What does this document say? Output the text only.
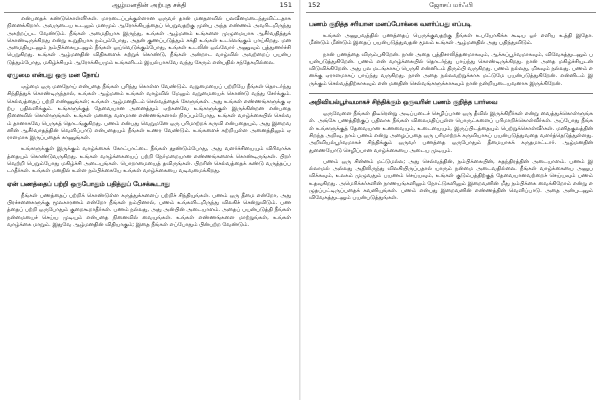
ஆழ்மனதின் அற்புத சக்தி	151

என்பதைக் கண்டுகொள்ளீர்கள். மாரடைப்புக்குள்ளான ஒருவர் தான் மனதளவில் பலவீனமடைந்துவிட்டதாக நினைக்கிறார். அவருடைய உடலும் மனமும் ஆரோக்கியத்தைப் பெறுவதற்கு முன்பு அந்த எண்ணம் அவரிடமிருந்து அகற்றப்பட வேண்டும். நீங்கள் அமைதியாக இருந்து, உங்கள் ஆழ்மனம் உங்களை முழுமையாக ஆசீர்வதித்துக் கொண்டிருக்கிறது என்று உறுதியாக நம்பும்போது, அதன் குணப்படுத்தும் சக்தி உங்கள் உடலெங்கும் பாய்கிறது. மனஅமைதியுடனும் நம்பிக்கையுடனும் நீங்கள் ஓய்வெடுக்கும்போது, உங்கள் உடலின் ஒவ்வோர் அணுவும் புத்துணர்ச்சி பெறுகிறது. உங்கள் ஆழ்மனதின் விதிகளைக் கற்றுக் கொண்டு, நீங்கள் அன்றாட வாழ்வில் அவற்றைப் பயன்படுத்தும்போது, மகிழ்ச்சியும் ஆரோக்கியமும் உங்களிடம் இயல்பாகவே வந்து சேரும் என்பதில் சந்தேகமில்லை.

ஏழுமை என்பது ஒரு மன நோய்

ஏழ்மை ஒரு மனநோய் என்பதை நீங்கள் புரிந்து கொள்ள வேண்டும். வறுமையைப் பற்றியே நீங்கள் தொடர்ந்து சிந்தித்துக் கொண்டிருந்தால், உங்கள் ஆழ்மனம் உங்கள் வாழ்வில் மேலும் வறுமையைக் கொண்டு வந்து சேர்க்கும். செல்வத்தைப் பற்றி எண்ணுங்கள்; உங்கள் ஆழ்மனதிடம் செல்வத்தைக் கேளுங்கள். அது உங்கள் எண்ணங்களுக்கு ஏற்ப பதிலளிக்கும். உங்களுக்குத் தேவையான அனைத்தும் ஏற்கனவே உங்களுக்குள் இருக்கின்றன என்பதை நினைவில் கொள்ளுங்கள். உங்கள் மனதை வளமான எண்ணங்களால் நிரப்பும்போது, உங்கள் வாழ்க்கையில் செல்வம் தானாகவே பெருகத் தொடங்குகிறது. பணம் என்பது வெறுமனே ஒரு பரிமாற்றக் கருவி என்பதையும், அது இறைவனின் ஆசீர்வாதத்தின் வெளிப்பாடு என்பதையும் நீங்கள் உணர வேண்டும். உங்களைச் சுற்றியுள்ள அனைத்திலும் ஏராளமாக இருப்பதைக் காணுங்கள்.

உங்களுக்குள் இருக்கும் வாழ்க்கைக் கோட்பாட்டை நீங்கள் தூண்டும்போது, அது வளர்ச்சியையும் விரிவாக்கத்தையும் கொண்டுவருகிறது. உங்கள் வாழ்க்கையைப் பற்றி நேர்மறையான எண்ணங்களைக் கொண்டிருங்கள். பிறர் வெற்றி பெறும்போது மகிழ்ச்சி அடையுங்கள். பொறாமையைத் தவிருங்கள். பிறரின் செல்வத்தைக் கண்டு வருத்தப்படாதீர்கள். உங்கள் மனதில் உள்ள நம்பிக்கையே உங்கள் வாழ்க்கையை வடிவமைக்கிறது.

ஏன் பணத்தைப் பற்றி ஒருபோதும் பதித்துப் பேசக்கூடாது

நீங்கள் பணத்தைப் பற்றிக் கொண்டுள்ள கருத்துக்களைப் பற்றிச் சிந்தியுங்கள். பணம் ஒரு தீமை என்றோ, அது பிரச்சனைகளுக்கு மூலகாரணம் என்றோ நீங்கள் நம்பினால், பணம் உங்களிடமிருந்து விலகிச் சென்றுவிடும். பணத்தைப் பற்றி ஒருபோதும் குறைகூறாதீர்கள். பணம் நல்லது, அது அன்பின் அடையாளம். அதைப் பயன்படுத்தி நீங்கள் நன்மையைச் செய்ய முடியும் என்பதை நினைவில் வையுங்கள். உங்கள் எண்ணங்களை மாற்றுங்கள், உங்கள் வாழ்க்கை மாறும். இதுவே ஆழ்மனதின் விதியாகும்; இதை நீங்கள் எப்போதும் பின்பற்ற வேண்டும்.

152	ஜோசப் மர்ஃபி
பணம் குறித்த சரியான மனப்போக்கை வளர்ப்பது எப்படி

உங்கள் அனுபவத்தில் பணத்தைப் பெருக்குவதற்கு நீங்கள் உபயோகிக்க கூடிய ஓர் எளிய உத்தி இதோ. மீண்டும் மீண்டும் இதைப் பயன்படுத்துவதன் மூலம் உங்கள் ஆழ்மனதில் அது பதிந்துவிடும்.

நான் பணத்தை விரும்புகிறேன். நான் அதை புத்திசாலித்தனமாகவும், ஆக்கப்பூர்வமாகவும், விவேகத்துடனும் பயன்படுத்துகிறேன். பணம் என் வாழ்க்கையில் தொடர்ந்து பாய்ந்து கொண்டிருக்கிறது. நான் அதை மகிழ்ச்சியுடன் விடுவிக்கிறேன். அது பல மடங்காகப் பெருகி என்னிடம் திரும்பி வருகிறது. பணம் நல்லது, மிகவும் நல்லது. பணம் எனக்கு ஏராளமாகப் பாய்ந்து வருகிறது. நான் அதை நல்லவற்றுக்காக மட்டுமே பயன்படுத்துகிறேன். என்னிடம் இருக்கும் செல்வத்திற்காகவும் என் மனதின் செல்வங்களுக்காகவும் நான் நன்றியுடையவனாக இருக்கிறேன்.

அறிவியல்பூர்வமாகச் சிந்திக்கும் ஒருவரின் பணம் குறித்த பார்வை

ஒருவேளை நீங்கள் திடீரென்று அடிப்படைச் செழிப்பான ஒரு தீவில் இருக்கிறீர்கள் என்று வைத்துக்கொள்ளுங்கள். அங்கே பணத்திற்குப் பதிலாக நீங்கள் விலைமதிப்புள்ள பொருட்களைப் பரிமாறிக்கொள்வீர்கள். அப்போது நீங்கள் உங்களுக்குத் தேவையான உணவையும், உடையையும், இருப்பிடத்தையும் பெற்றுக்கொள்வீர்கள். மனிதகுலத்தின் சிறந்த அறிவு, நாம் பணம் என்று அழைப்பதை ஒரு பரிமாற்றக் கருவியாகப் பயன்படுத்துவதை வளர்த்தெடுத்துள்ளது. அறிவியல்பூர்வமாகச் சிந்திக்கும் ஒருவர் பணத்தை ஒருபோதும் தீமையாகக் கருதமாட்டார். ஆழ்மனதின் துணையோடு செழிப்பான வாழ்க்கையை அடைய முடியும்.

பணம் ஒரு சின்னம் மட்டுமல்ல; அது செல்வத்தின், நம்பிக்கையின், சுதந்திரத்தின் அடையாளம். பணம் இல்லாமல் அல்லது அதிலிருந்து விலகியிருப்பதால் யாரும் நன்மை அடைவதில்லை. நீங்கள் வாழ்க்கையை அனுபவிக்கவும், உலகம் முழுவதும் பயணம் செய்யவும், உங்கள் குடும்பத்திற்குத் தேவையானவற்றைச் செய்யவும் பணம் உதவுகிறது. அமெரிக்கர்களின் நாணயங்களிலும் நோட்டுகளிலும் இறைவனின் மீது நம்பிக்கை வைக்கிறோம் என்று எழுதப்பட்டிருப்பதைக் கவனியுங்கள். பணம் என்பது இறைவனின் எண்ணத்தின் வெளிப்பாடு. அதை அன்புடனும் விவேகத்துடனும் பயன்படுத்துங்கள்.
